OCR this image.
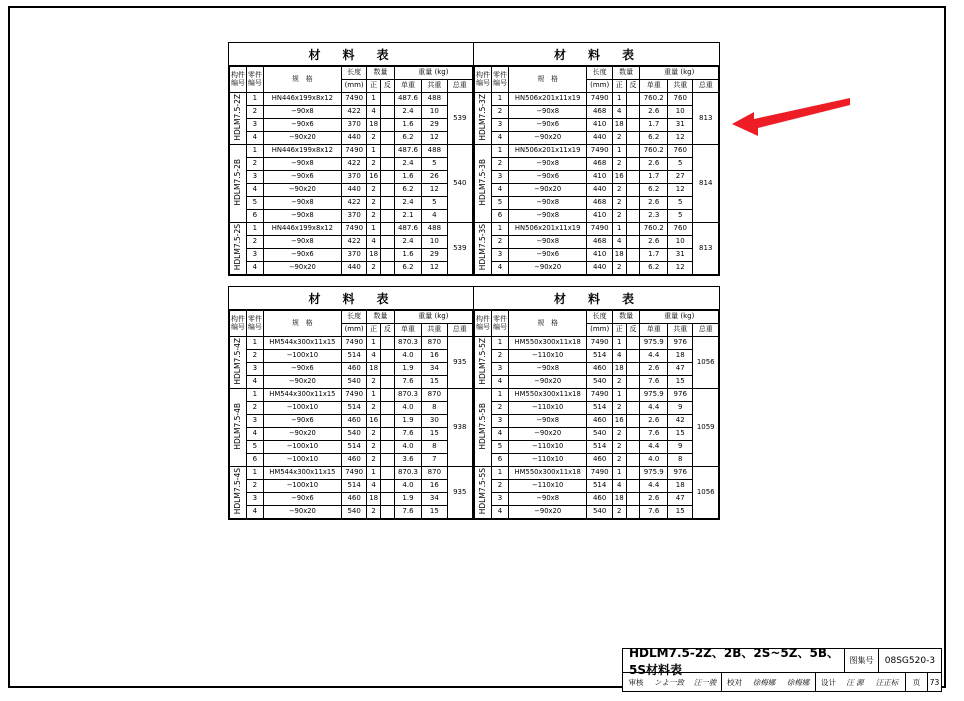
材　料　表
构件
编号	零件
编号	规　格	长度	数量		重量 (kg)		
			(mm)	正	反	单重	共重	总重
HDLM7.5-2Z	1	HN446x199x8x12	7490	1		487.6	488	539
	2	−90x8	422	4		2.4	10	
	3	−90x6	370	18		1.6	29	
	4	−90x20	440	2		6.2	12	
HDLM7.5-2B	1	HN446x199x8x12	7490	1		487.6	488	540
	2	−90x8	422	2		2.4	5	
	3	−90x6	370	16		1.6	26	
	4	−90x20	440	2		6.2	12	
	5	−90x8	422	2		2.4	5	
	6	−90x8	370	2		2.1	4	
HDLM7.5-2S	1	HN446x199x8x12	7490	1		487.6	488	539
	2	−90x8	422	4		2.4	10	
	3	−90x6	370	18		1.6	29	
	4	−90x20	440	2		6.2	12	
材　料　表
构件
编号	零件
编号	规　格	长度	数量		重量 (kg)		
			(mm)	正	反	单重	共重	总重
HDLM7.5-3Z	1	HN506x201x11x19	7490	1		760.2	760	813
	2	−90x8	468	4		2.6	10	
	3	−90x6	410	18		1.7	31	
	4	−90x20	440	2		6.2	12	
HDLM7.5-3B	1	HN506x201x11x19	7490	1		760.2	760	814
	2	−90x8	468	2		2.6	5	
	3	−90x6	410	16		1.7	27	
	4	−90x20	440	2		6.2	12	
	5	−90x8	468	2		2.6	5	
	6	−90x8	410	2		2.3	5	
HDLM7.5-3S	1	HN506x201x11x19	7490	1		760.2	760	813
	2	−90x8	468	4		2.6	10	
	3	−90x6	410	18		1.7	31	
	4	−90x20	440	2		6.2	12	
材　料　表
构件
编号	零件
编号	规　格	长度	数量		重量 (kg)		
			(mm)	正	反	单重	共重	总重
HDLM7.5-4Z	1	HM544x300x11x15	7490	1		870.3	870	935
	2	−100x10	514	4		4.0	16	
	3	−90x6	460	18		1.9	34	
	4	−90x20	540	2		7.6	15	
HDLM7.5-4B	1	HM544x300x11x15	7490	1		870.3	870	938
	2	−100x10	514	2		4.0	8	
	3	−90x6	460	16		1.9	30	
	4	−90x20	540	2		7.6	15	
	5	−100x10	514	2		4.0	8	
	6	−100x10	460	2		3.6	7	
HDLM7.5-4S	1	HM544x300x11x15	7490	1		870.3	870	935
	2	−100x10	514	4		4.0	16	
	3	−90x6	460	18		1.9	34	
	4	−90x20	540	2		7.6	15	
材　料　表
构件
编号	零件
编号	规　格	长度	数量		重量 (kg)		
			(mm)	正	反	单重	共重	总重
HDLM7.5-5Z	1	HM550x300x11x18	7490	1		975.9	976	1056
	2	−110x10	514	4		4.4	18	
	3	−90x8	460	18		2.6	47	
	4	−90x20	540	2		7.6	15	
HDLM7.5-5B	1	HM550x300x11x18	7490	1		975.9	976	1059
	2	−110x10	514	2		4.4	9	
	3	−90x8	460	16		2.6	42	
	4	−90x20	540	2		7.6	15	
	5	−110x10	514	2		4.4	9	
	6	−110x10	460	2		4.0	8	
HDLM7.5-5S	1	HM550x300x11x18	7490	1		975.9	976	1056
	2	−110x10	514	4		4.4	18	
	3	−90x8	460	18		2.6	47	
	4	−90x20	540	2		7.6	15	
HDLM7.5-2Z、2B、2S~5Z、5B、5S材料表
图集号	08SG520-3
审核	ンよ一致	汪一骏	校对	徐梅娜	徐梅娜	设计	汪 源	汪正标	页	73
